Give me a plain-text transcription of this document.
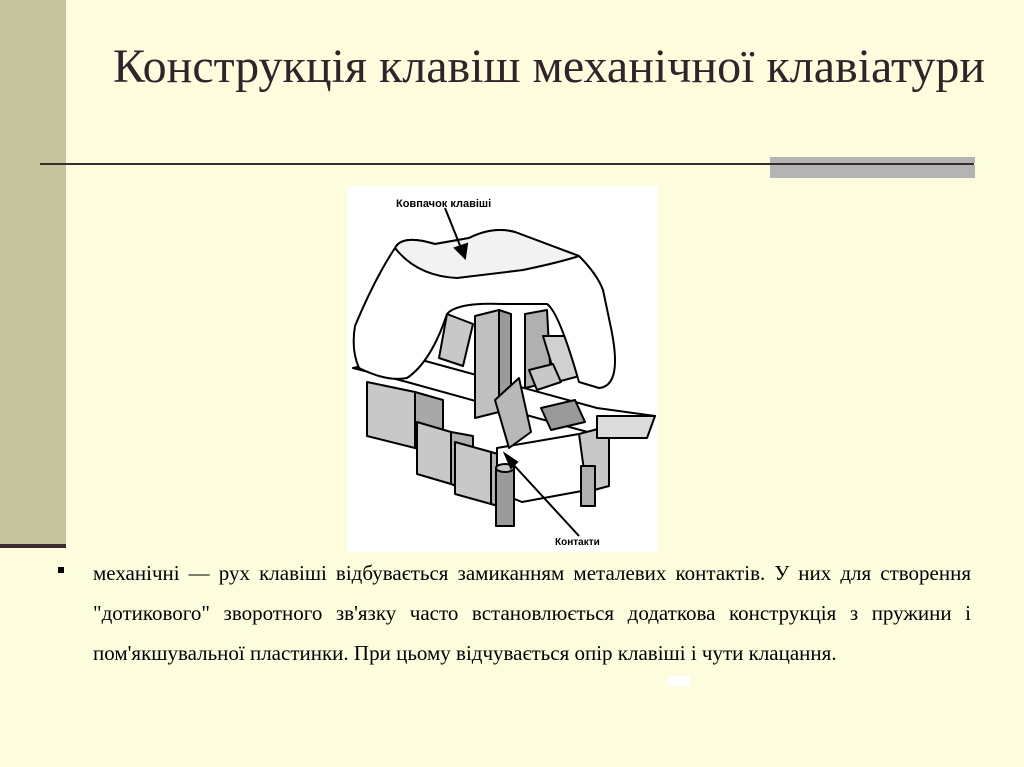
Конструкція клавіш механічної клавіатури
Ковпачок клавіші
Контакти

механічні — рух клавіші відбувається замиканням металевих контактів. У них для створення "дотикового" зворотного зв'язку часто встановлюється додаткова конструкція з пружини і пом'якшувальної пластинки. При цьому відчувається опір клавіші і чути клацання.
